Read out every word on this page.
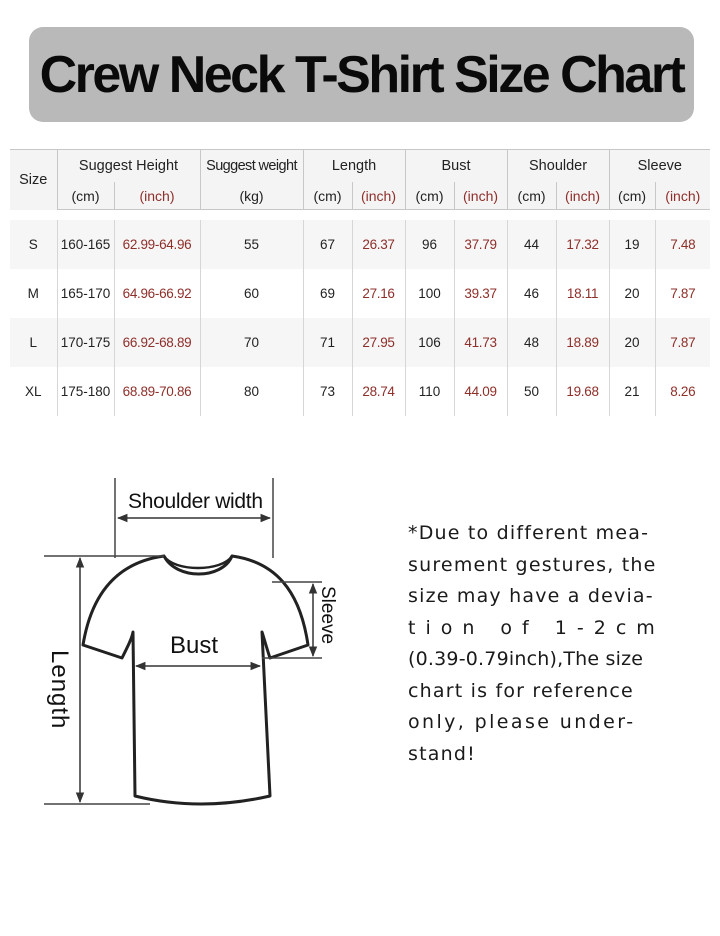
Crew Neck T-Shirt Size Chart
Size	Suggest Height		Suggest weight	Length		Bust		Shoulder		Sleeve	
	(cm)	(inch)	(kg)	(cm)	(inch)	(cm)	(inch)	(cm)	(inch)	(cm)	(inch)

S	160-165	62.99-64.96	55	67	26.37	96	37.79	44	17.32	19	7.48
M	165-170	64.96-66.92	60	69	27.16	100	39.37	46	18.11	20	7.87
L	170-175	66.92-68.89	70	71	27.95	106	41.73	48	18.89	20	7.87
XL	175-180	68.89-70.86	80	73	28.74	110	44.09	50	19.68	21	8.26
Shoulder width
Bust
Sleeve
Length
*Due to different mea-
surement gestures, the
size may have a devia-
tion of 1-2cm
(0.39-0.79inch),The size
chart is for reference
only, please under-
stand!
